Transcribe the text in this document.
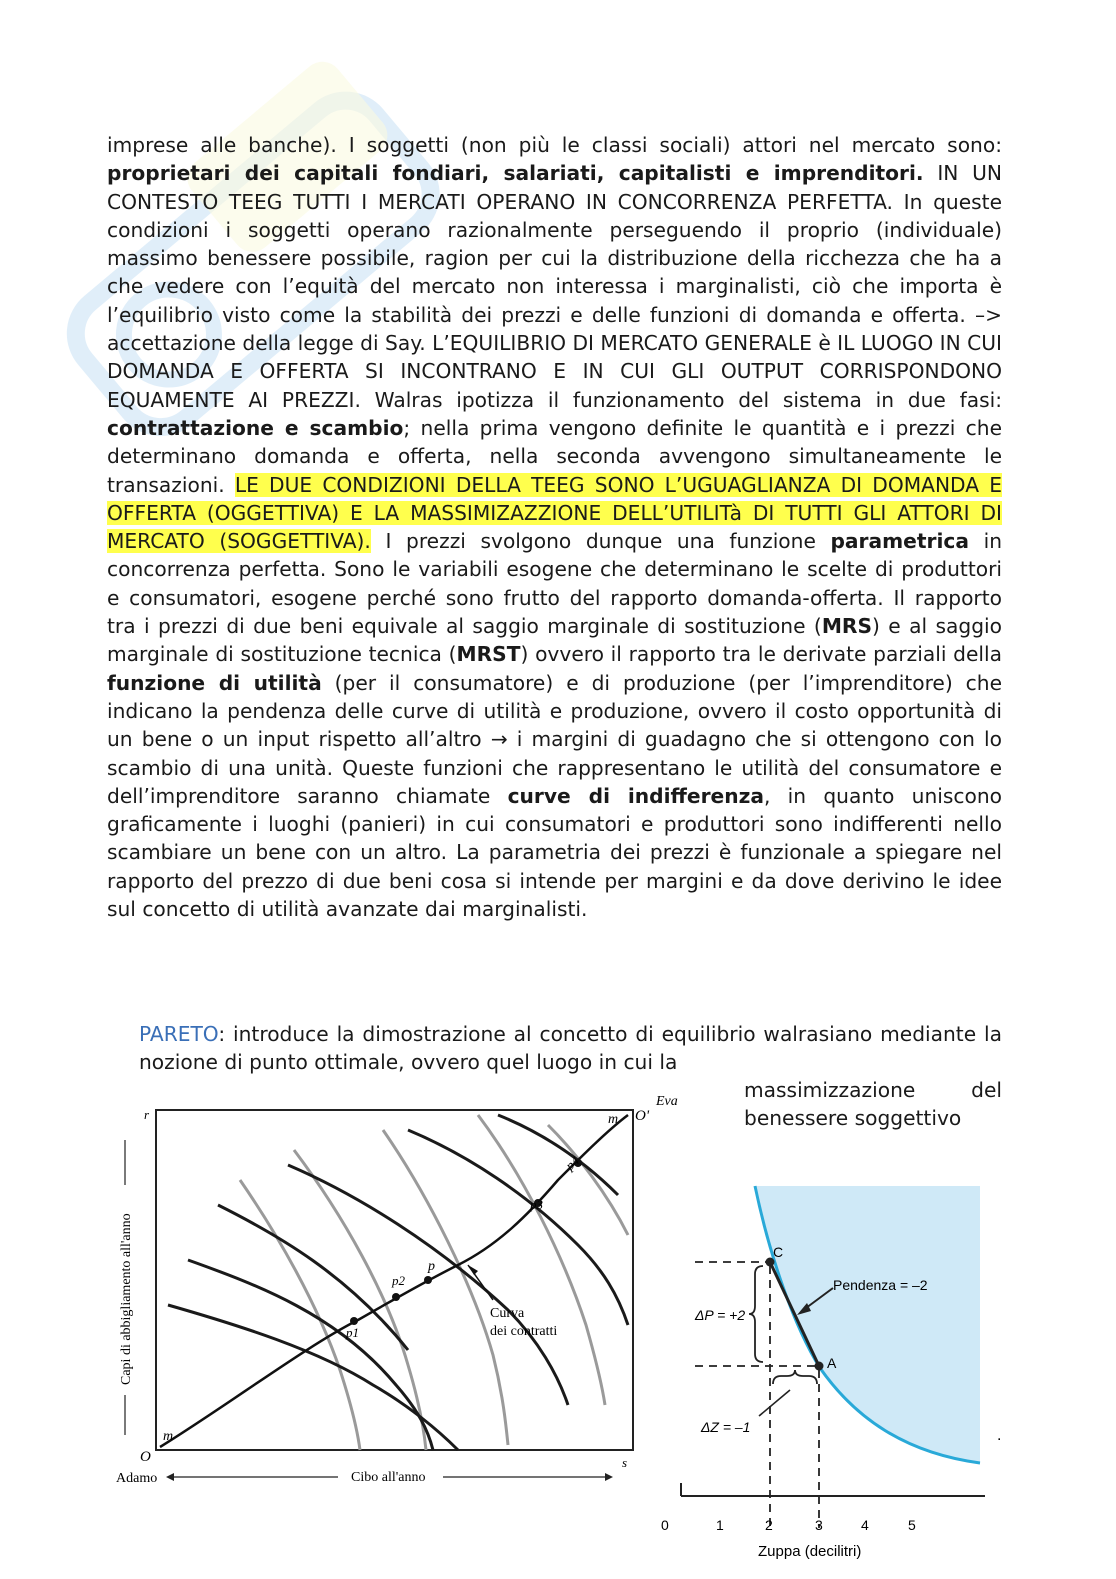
imprese alle banche). I soggetti (non più le classi sociali) attori nel mercato sono: proprietari dei capitali fondiari, salariati, capitalisti e imprenditori. IN UN CONTESTO TEEG TUTTI I MERCATI OPERANO IN CONCORRENZA PERFETTA. In queste condizioni i soggetti operano razionalmente perseguendo il proprio (individuale) massimo benessere possibile, ragion per cui la distribuzione della ricchezza che ha a che vedere con l’equità del mercato non interessa i marginalisti, ciò che importa è l’equilibrio visto come la stabilità dei prezzi e delle funzioni di domanda e offerta. –> accettazione della legge di Say. L’EQUILIBRIO DI MERCATO GENERALE è IL LUOGO IN CUI DOMANDA E OFFERTA SI INCONTRANO E IN CUI GLI OUTPUT CORRISPONDONO EQUAMENTE AI PREZZI. Walras ipotizza il funzionamento del sistema in due fasi: contrattazione e scambio; nella prima vengono definite le quantità e i prezzi che determinano domanda e offerta, nella seconda avvengono simultaneamente le transazioni. LE DUE CONDIZIONI DELLA TEEG SONO L’UGUAGLIANZA DI DOMANDA E OFFERTA (OGGETTIVA) E LA MASSIMIZAZZIONE DELL’UTILITà DI TUTTI GLI ATTORI DI MERCATO (SOGGETTIVA). I prezzi svolgono dunque una funzione parametrica in concorrenza perfetta. Sono le variabili esogene che determinano le scelte di produttori e consumatori, esogene perché sono frutto del rapporto domanda-offerta. Il rapporto tra i prezzi di due beni equivale al saggio marginale di sostituzione (MRS) e al saggio marginale di sostituzione tecnica (MRST) ovvero il rapporto tra le derivate parziali della funzione di utilità (per il consumatore) e di produzione (per l’imprenditore) che indicano la pendenza delle curve di utilità e produzione, ovvero il costo opportunità di un bene o un input rispetto all’altro → i margini di guadagno che si ottengono con lo scambio di una unità. Queste funzioni che rappresentano le utilità del consumatore e dell’imprenditore saranno chiamate curve di indifferenza, in quanto uniscono graficamente i luoghi (panieri) in cui consumatori e produttori sono indifferenti nello scambiare un bene con un altro. La parametria dei prezzi è funzionale a spiegare nel rapporto del prezzo di due beni cosa si intende per margini e da dove derivino le idee sul concetto di utilità avanzate dai marginalisti.
PARETO: introduce la dimostrazione al concetto di equilibrio walrasiano mediante la nozione di punto ottimale, ovvero quel luogo in cui la
massimizzazione del benessere soggettivo
Eva
O'
r	m
O
m
s
Adamo	Cibo all'anno
Capi di abbigliamento all'anno	p
p1
p2
p3
p4
Curva
dei contratti
C
A
Pendenza = –2
ΔP = +2
ΔZ = –1	.
0	1	2	3	4	5
Zuppa (decilitri)
